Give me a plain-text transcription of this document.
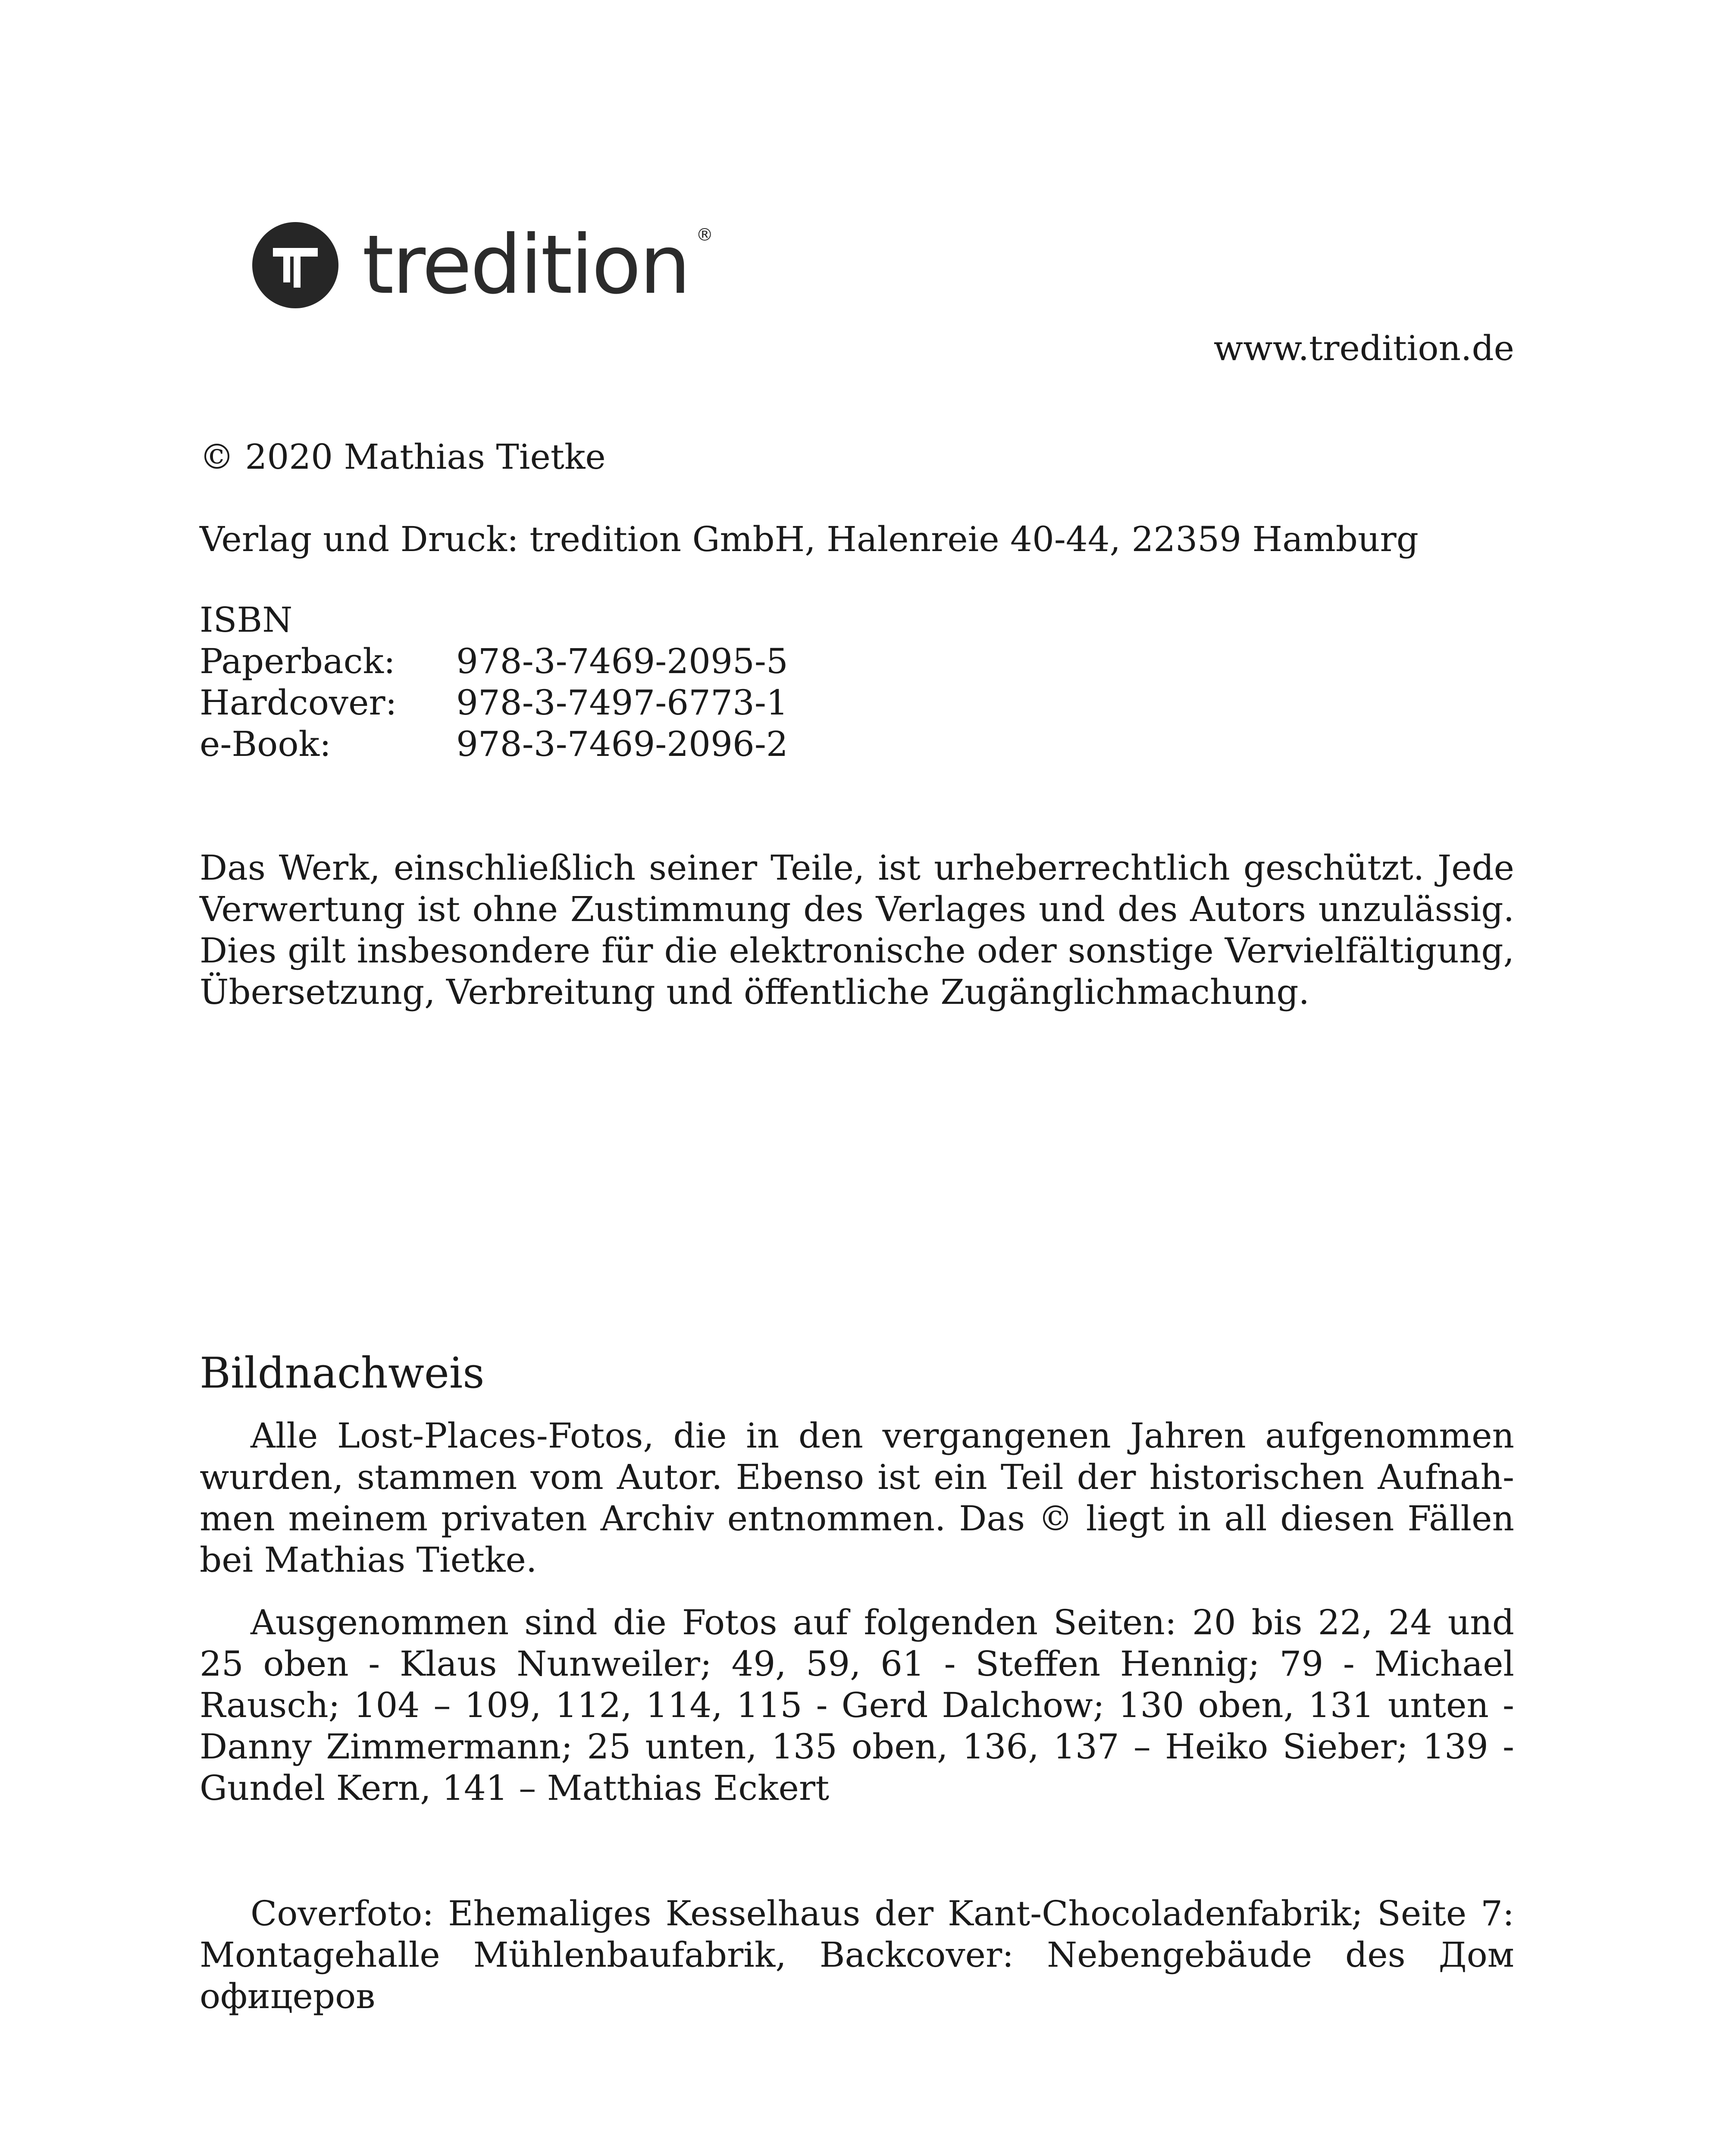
tredition ®
www.tredition.de
© 2020 Mathias Tietke
Verlag und Druck: tredition GmbH, Halenreie 40-44, 22359 Hamburg
ISBN
Paperback:	978-3-7469-2095-5
Hardcover:	978-3-7497-6773-1
e-Book:	978-3-7469-2096-2
Das Werk, einschließlich seiner Teile, ist urheberrechtlich geschützt. Jede Verwertung ist ohne Zustimmung des Verlages und des Autors unzulässig. Dies gilt insbesondere für die elektronische oder sonstige Vervielfältigung, Übersetzung, Verbreitung und öffentliche Zugänglichmachung.
Bildnachweis
Alle Lost-Places-Fotos, die in den vergangenen Jahren aufgenommen wurden, stammen vom Autor. Ebenso ist ein Teil der historischen Aufnahmen meinem privaten Archiv entnommen. Das © liegt in all diesen Fällen bei Mathias Tietke.
Ausgenommen sind die Fotos auf folgenden Seiten: 20 bis 22, 24 und 25 oben - Klaus Nunweiler; 49, 59, 61 - Steffen Hennig; 79 - Michael Rausch; 104 – 109, 112, 114, 115 - Gerd Dalchow; 130 oben, 131 unten - Danny Zimmermann; 25 unten, 135 oben, 136, 137 – Heiko Sieber; 139 - Gundel Kern, 141 – Matthias Eckert
Coverfoto: Ehemaliges Kesselhaus der Kant-Chocoladenfabrik; Seite 7: Montagehalle Mühlenbaufabrik, Backcover: Nebengebäude des Дом офицеров
